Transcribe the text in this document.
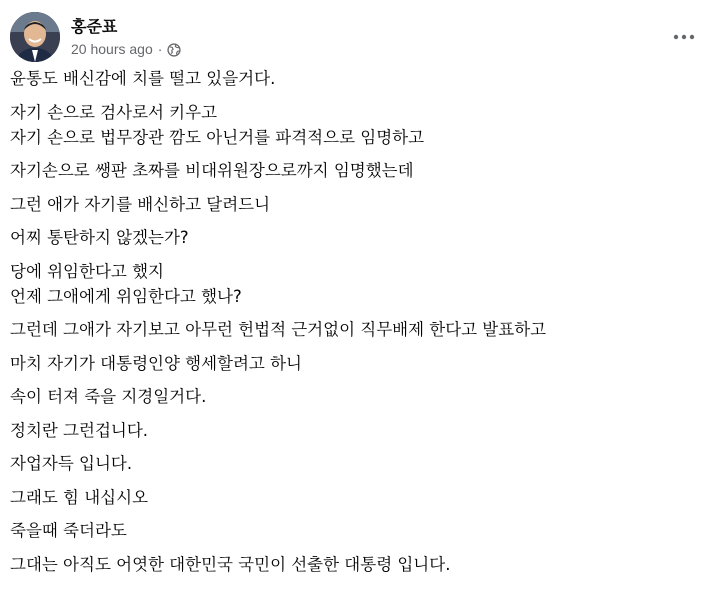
홍준표
20 hours ago ·
윤통도 배신감에 치를 떨고 있을거다.
자기 손으로 검사로서 키우고
자기 손으로 법무장관 깜도 아닌거를 파격적으로 임명하고
자기손으로 쌩판 초짜를 비대위원장으로까지 임명했는데
그런 애가 자기를 배신하고 달려드니
어찌 통탄하지 않겠는가?
당에 위임한다고 했지
언제 그애에게 위임한다고 했나?
그런데 그애가 자기보고 아무런 헌법적 근거없이 직무배제 한다고 발표하고
마치 자기가 대통령인양 행세할려고 하니
속이 터져 죽을 지경일거다.
정치란 그런겁니다.
자업자득 입니다.
그래도 힘 내십시오
죽을때 죽더라도
그대는 아직도 어엿한 대한민국 국민이 선출한 대통령 입니다.
